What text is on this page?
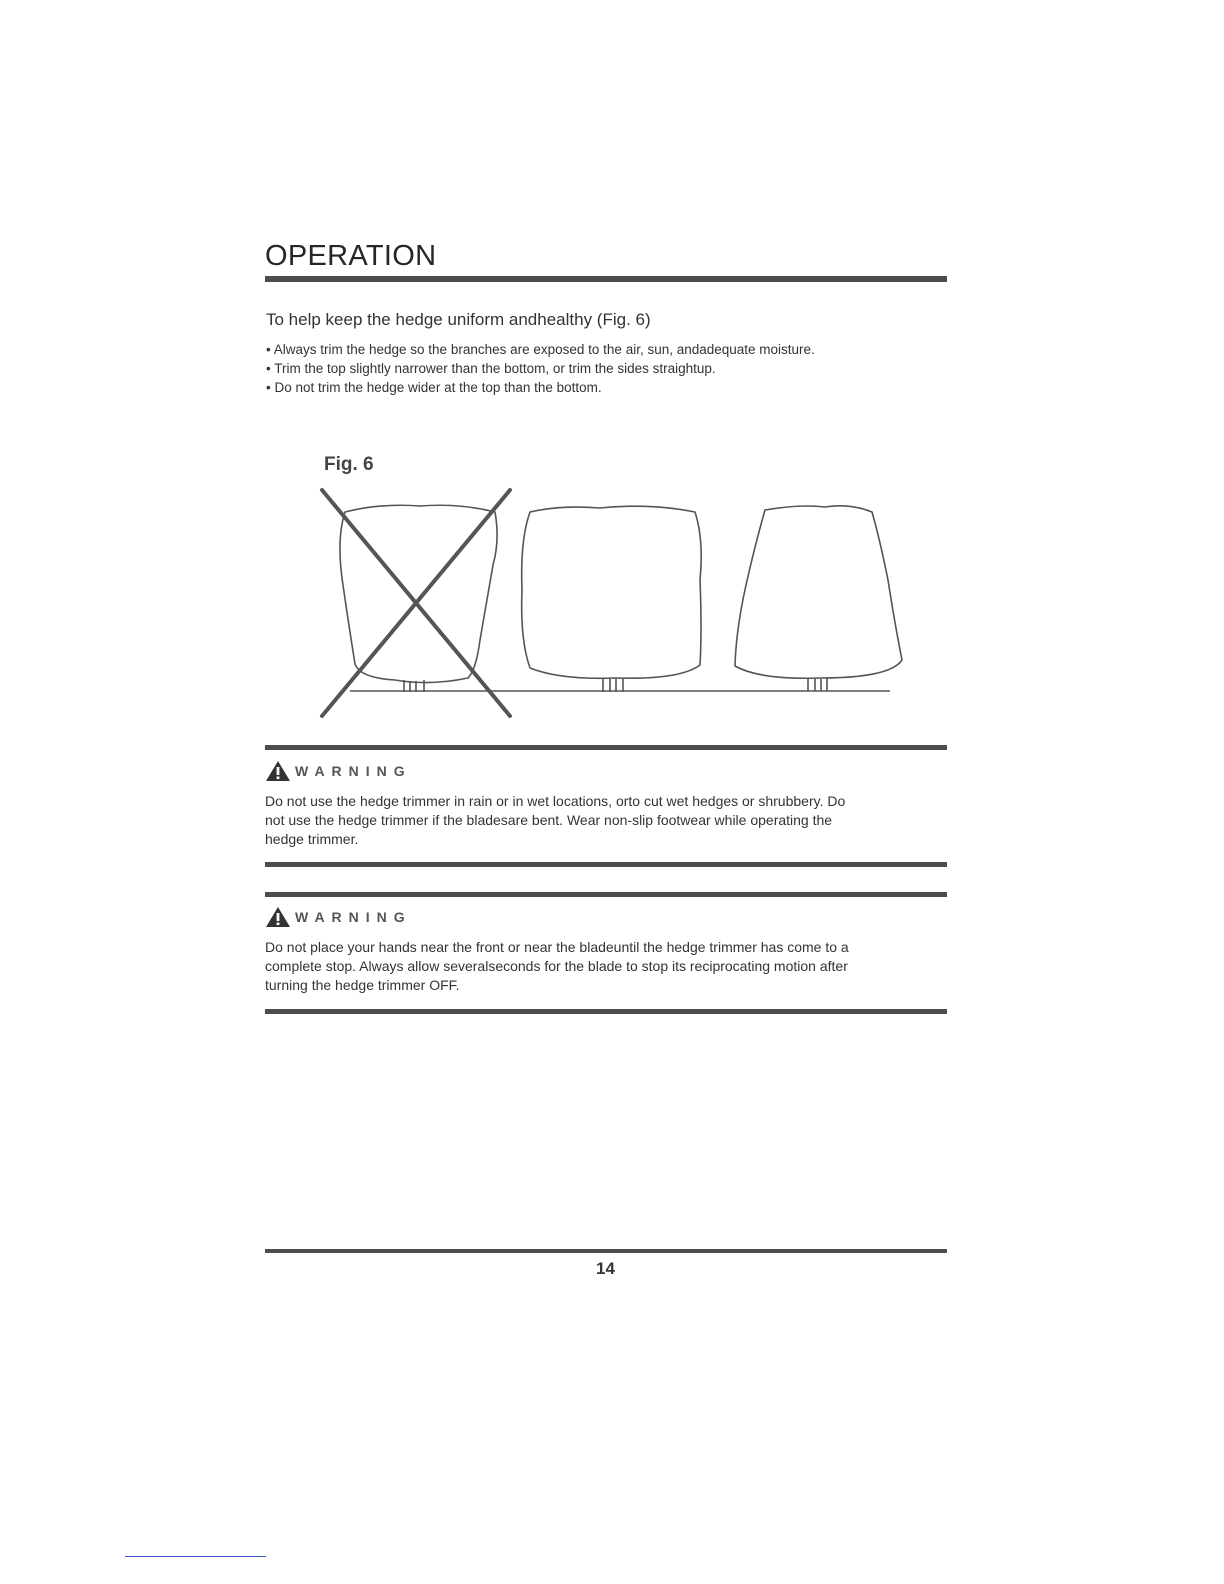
OPERATION
To help keep the hedge uniform andhealthy (Fig. 6)
• Always trim the hedge so the branches are exposed to the air, sun, andadequate moisture.
• Trim the top slightly narrower than the bottom, or trim the sides straightup.
• Do not trim the hedge wider at the top than the bottom.
Fig. 6
WARNING
Do not use the hedge trimmer in rain or in wet locations, orto cut wet hedges or shrubbery. Do
not use the hedge trimmer if the bladesare bent. Wear non-slip footwear while operating the
hedge trimmer.
WARNING
Do not place your hands near the front or near the bladeuntil the hedge trimmer has come to a
complete stop. Always allow severalseconds for the blade to stop its reciprocating motion after
turning the hedge trimmer OFF.
14
